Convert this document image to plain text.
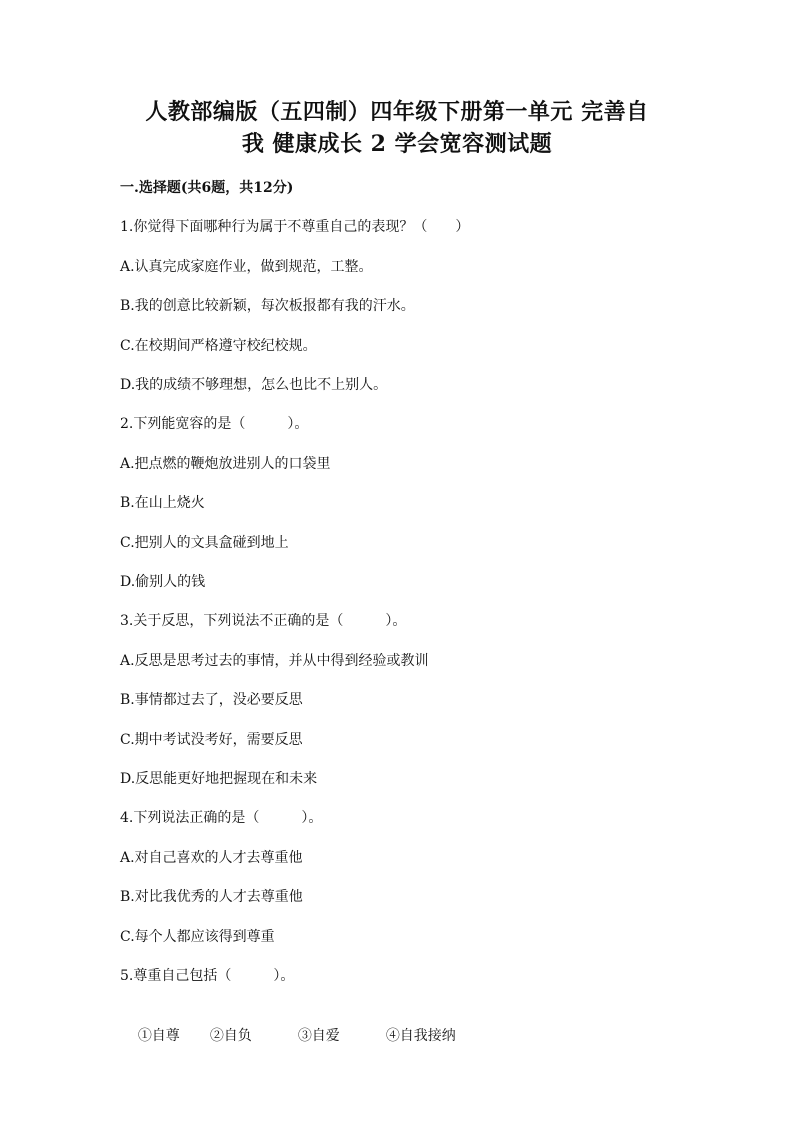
人教部编版（五四制）四年级下册第一单元 完善自
我 健康成长 2 学会宽容测试题
一.选择题(共6题，共12分)
1.你觉得下面哪种行为属于不尊重自己的表现？（　　）
A.认真完成家庭作业，做到规范，工整。
B.我的创意比较新颖，每次板报都有我的汗水。
C.在校期间严格遵守校纪校规。
D.我的成绩不够理想，怎么也比不上别人。
2.下列能宽容的是（　　　）。
A.把点燃的鞭炮放进别人的口袋里
B.在山上烧火
C.把别人的文具盒碰到地上
D.偷别人的钱
3.关于反思，下列说法不正确的是（　　　）。
A.反思是思考过去的事情，并从中得到经验或教训
B.事情都过去了，没必要反思
C.期中考试没考好，需要反思
D.反思能更好地把握现在和未来
4.下列说法正确的是（　　　）。
A.对自己喜欢的人才去尊重他
B.对比我优秀的人才去尊重他
C.每个人都应该得到尊重
5.尊重自己包括（　　　）。

①自尊 ②自负	③自爱	④自我接纳
